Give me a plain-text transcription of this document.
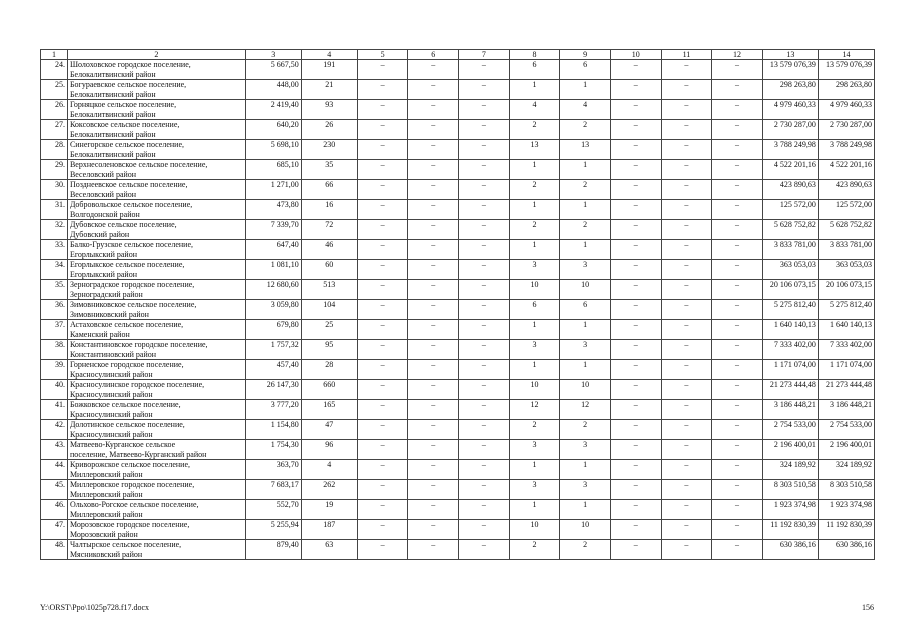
1	2	3	4	5	6	7	8	9	10	11	12	13	14
24.	Шолоховское городское поселение,
Белокалитвинский район	5 667,50	191	–	–	–	6	6	–	–	–	13 579 076,39	13 579 076,39
25.	Богураевское сельское поселение,
Белокалитвинский район	448,00	21	–	–	–	1	1	–	–	–	298 263,80	298 263,80
26.	Горняцкое сельское поселение,
Белокалитвинский район	2 419,40	93	–	–	–	4	4	–	–	–	4 979 460,33	4 979 460,33
27.	Коксовское сельское поселение,
Белокалитвинский район	640,20	26	–	–	–	2	2	–	–	–	2 730 287,00	2 730 287,00
28.	Синегорское сельское поселение,
Белокалитвинский район	5 698,10	230	–	–	–	13	13	–	–	–	3 788 249,98	3 788 249,98
29.	Верхнесоленовское сельское поселение,
Веселовский район	685,10	35	–	–	–	1	1	–	–	–	4 522 201,16	4 522 201,16
30.	Позднеевское сельское поселение,
Веселовский район	1 271,00	66	–	–	–	2	2	–	–	–	423 890,63	423 890,63
31.	Добровольское сельское поселение,
Волгодонской район	473,80	16	–	–	–	1	1	–	–	–	125 572,00	125 572,00
32.	Дубовское сельское поселение,
Дубовский район	7 339,70	72	–	–	–	2	2	–	–	–	5 628 752,82	5 628 752,82
33.	Балко-Грузское сельское поселение,
Егорлыкский район	647,40	46	–	–	–	1	1	–	–	–	3 833 781,00	3 833 781,00
34.	Егорлыкское сельское поселение,
Егорлыкский район	1 081,10	60	–	–	–	3	3	–	–	–	363 053,03	363 053,03
35.	Зерноградское городское поселение,
Зерноградский район	12 680,60	513	–	–	–	10	10	–	–	–	20 106 073,15	20 106 073,15
36.	Зимовниковское сельское поселение,
Зимовниковский район	3 059,80	104	–	–	–	6	6	–	–	–	5 275 812,40	5 275 812,40
37.	Астаховское сельское поселение,
Каменский район	679,80	25	–	–	–	1	1	–	–	–	1 640 140,13	1 640 140,13
38.	Константиновское городское поселение,
Константиновский район	1 757,32	95	–	–	–	3	3	–	–	–	7 333 402,00	7 333 402,00
39.	Горненское городское поселение,
Красносулинский район	457,40	28	–	–	–	1	1	–	–	–	1 171 074,00	1 171 074,00
40.	Красносулинское городское поселение,
Красносулинский район	26 147,30	660	–	–	–	10	10	–	–	–	21 273 444,48	21 273 444,48
41.	Божковское сельское поселение,
Красносулинский район	3 777,20	165	–	–	–	12	12	–	–	–	3 186 448,21	3 186 448,21
42.	Долотинское сельское поселение,
Красносулинский район	1 154,80	47	–	–	–	2	2	–	–	–	2 754 533,00	2 754 533,00
43.	Матвеево-Курганское сельское
поселение, Матвеево-Курганский район	1 754,30	96	–	–	–	3	3	–	–	–	2 196 400,01	2 196 400,01
44.	Криворожское сельское поселение,
Миллеровский район	363,70	4	–	–	–	1	1	–	–	–	324 189,92	324 189,92
45.	Миллеровское городское поселение,
Миллеровский район	7 683,17	262	–	–	–	3	3	–	–	–	8 303 510,58	8 303 510,58
46.	Ольхово-Рогское сельское поселение,
Миллеровский район	552,70	19	–	–	–	1	1	–	–	–	1 923 374,98	1 923 374,98
47.	Морозовское городское поселение,
Морозовский район	5 255,94	187	–	–	–	10	10	–	–	–	11 192 830,39	11 192 830,39
48.	Чалтырское сельское поселение,
Мясниковский район	879,40	63	–	–	–	2	2	–	–	–	630 386,16	630 386,16
Y:\ORST\Ppo\1025p728.f17.docx	156
